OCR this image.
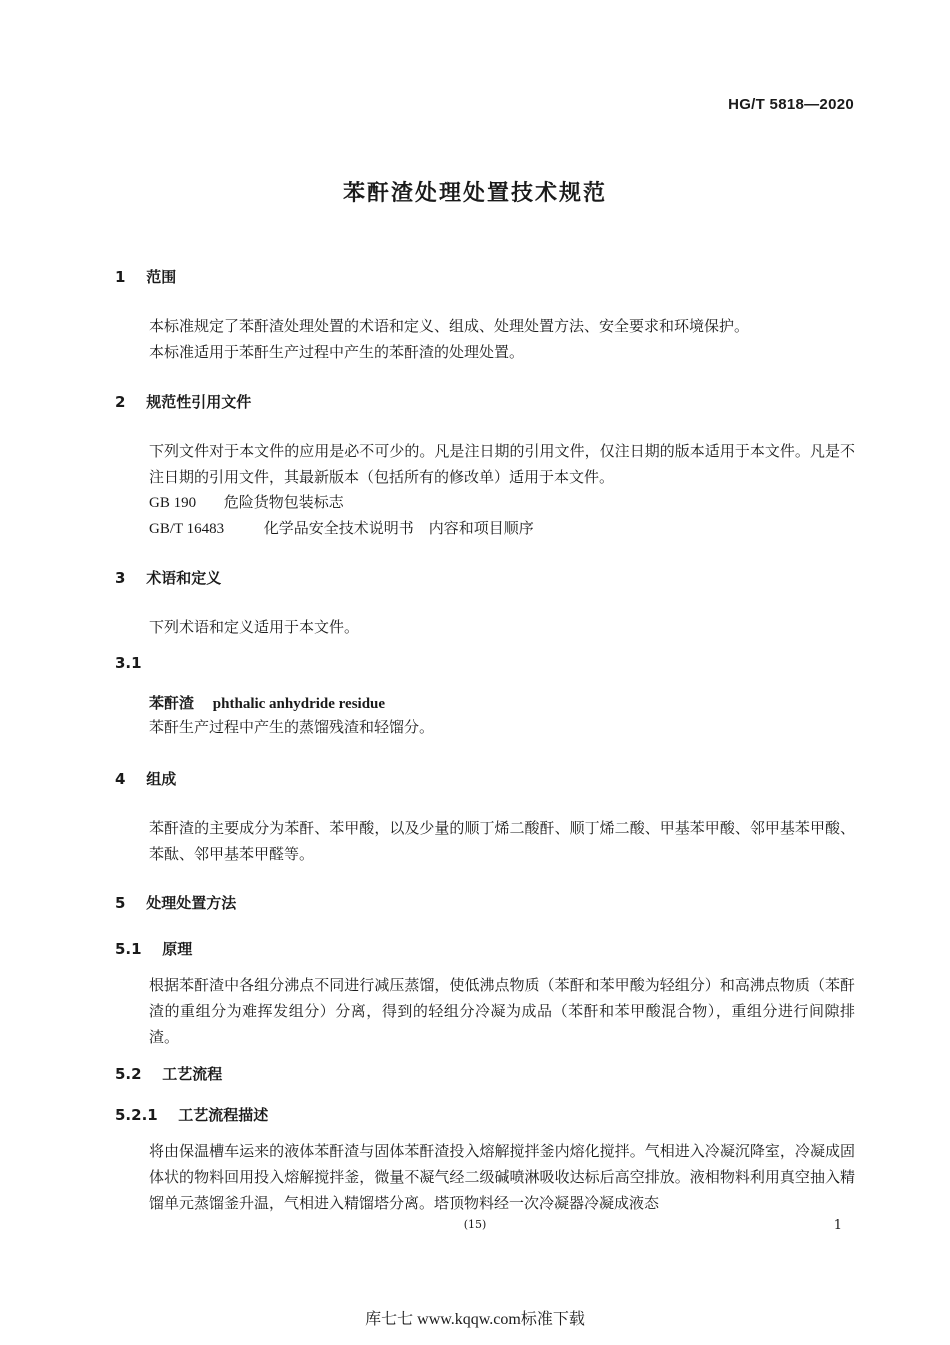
HG/T 5818—2020
苯酐渣处理处置技术规范
1 范围
本标准规定了苯酐渣处理处置的术语和定义、组成、处理处置方法、安全要求和环境保护。
本标准适用于苯酐生产过程中产生的苯酐渣的处理处置。
2 规范性引用文件
下列文件对于本文件的应用是必不可少的。凡是注日期的引用文件，仅注日期的版本适用于本文件。凡是不注日期的引用文件，其最新版本（包括所有的修改单）适用于本文件。
GB 190 危险货物包装标志
GB/T 16483	化学品安全技术说明书　内容和项目顺序
3 术语和定义
下列术语和定义适用于本文件。
3.1
苯酐渣 phthalic anhydride residue
苯酐生产过程中产生的蒸馏残渣和轻馏分。
4 组成
苯酐渣的主要成分为苯酐、苯甲酸，以及少量的顺丁烯二酸酐、顺丁烯二酸、甲基苯甲酸、邻甲基苯甲酸、苯酞、邻甲基苯甲醛等。
5 处理处置方法
5.1 原理
根据苯酐渣中各组分沸点不同进行减压蒸馏，使低沸点物质（苯酐和苯甲酸为轻组分）和高沸点物质（苯酐渣的重组分为难挥发组分）分离，得到的轻组分冷凝为成品（苯酐和苯甲酸混合物），重组分进行间隙排渣。
5.2 工艺流程
5.2.1 工艺流程描述
将由保温槽车运来的液体苯酐渣与固体苯酐渣投入熔解搅拌釜内熔化搅拌。气相进入冷凝沉降室，冷凝成固体状的物料回用投入熔解搅拌釜，微量不凝气经二级碱喷淋吸收达标后高空排放。液相物料利用真空抽入精馏单元蒸馏釜升温，气相进入精馏塔分离。塔顶物料经一次冷凝器冷凝成液态
(15)	1
库七七 www.kqqw.com标准下载
